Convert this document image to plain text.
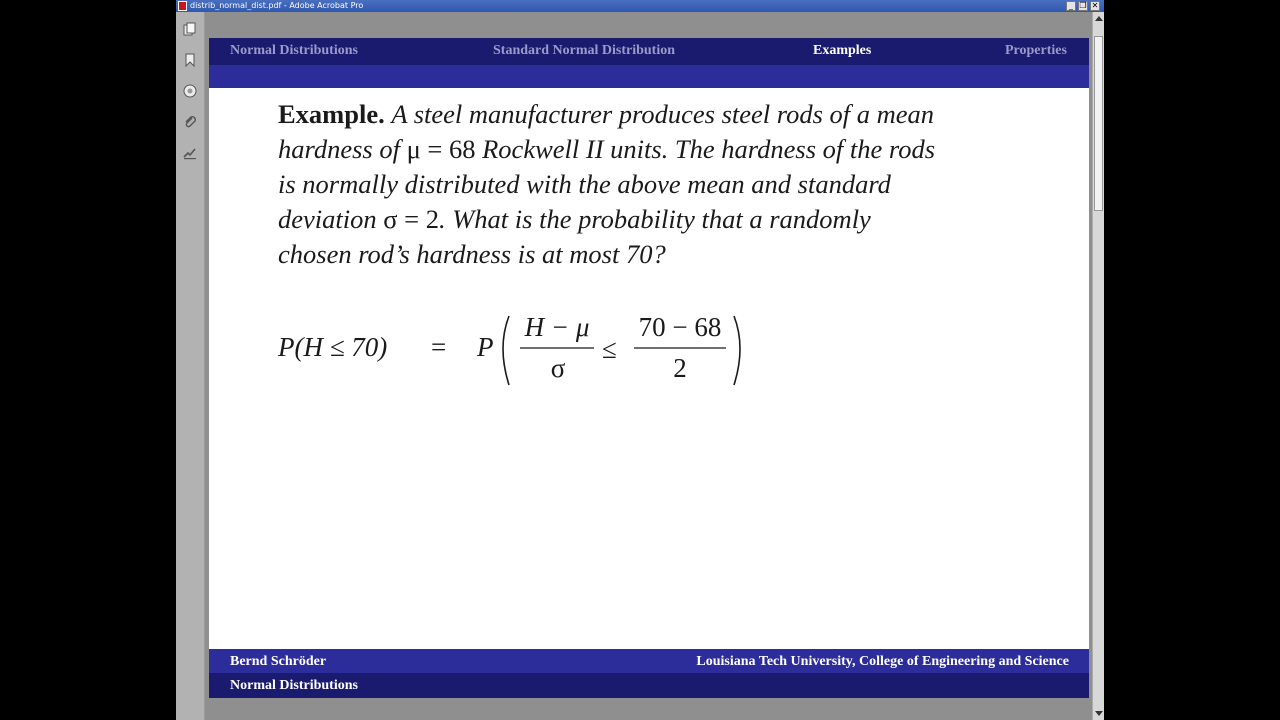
distrib_normal_dist.pdf - Adobe Acrobat Pro	_ ❐ ✕
Normal Distributions	Standard Normal Distribution	Examples	Properties
Example. A steel manufacturer produces steel rods of a mean
hardness of μ = 68 Rockwell II units. The hardness of the rods
is normally distributed with the above mean and standard
deviation σ = 2. What is the probability that a randomly
chosen rod’s hardness is at most 70?
P(H ≤ 70) = P
H − μ
σ
≤
70 − 68
2
Bernd Schröder	Louisiana Tech University, College of Engineering and Science
Normal Distributions
